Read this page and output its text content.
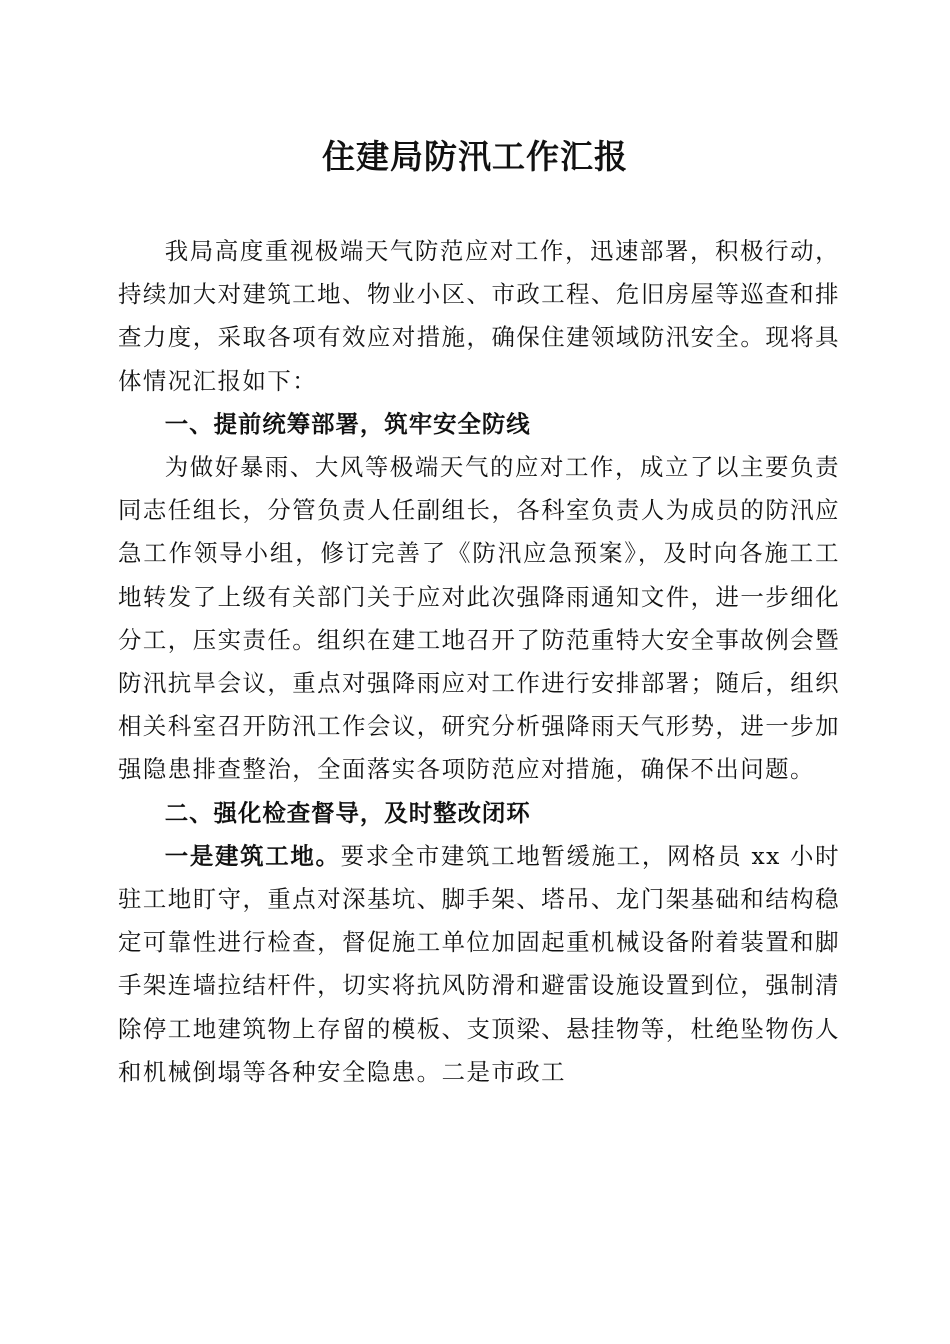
住建局防汛工作汇报

我局高度重视极端天气防范应对工作，迅速部署，积极行动，持续加大对建筑工地、物业小区、市政工程、危旧房屋等巡查和排查力度，采取各项有效应对措施，确保住建领域防汛安全。现将具体情况汇报如下：

一、提前统筹部署，筑牢安全防线

为做好暴雨、大风等极端天气的应对工作，成立了以主要负责同志任组长，分管负责人任副组长，各科室负责人为成员的防汛应急工作领导小组，修订完善了《防汛应急预案》，及时向各施工工地转发了上级有关部门关于应对此次强降雨通知文件，进一步细化分工，压实责任。组织在建工地召开了防范重特大安全事故例会暨防汛抗旱会议，重点对强降雨应对工作进行安排部署；随后，组织相关科室召开防汛工作会议，研究分析强降雨天气形势，进一步加强隐患排查整治，全面落实各项防范应对措施，确保不出问题。

二、强化检查督导，及时整改闭环

一是建筑工地。要求全市建筑工地暂缓施工，网格员 xx 小时驻工地盯守，重点对深基坑、脚手架、塔吊、龙门架基础和结构稳定可靠性进行检查，督促施工单位加固起重机械设备附着装置和脚手架连墙拉结杆件，切实将抗风防滑和避雷设施设置到位，强制清除停工地建筑物上存留的模板、支顶梁、悬挂物等，杜绝坠物伤人和机械倒塌等各种安全隐患。二是市政工
